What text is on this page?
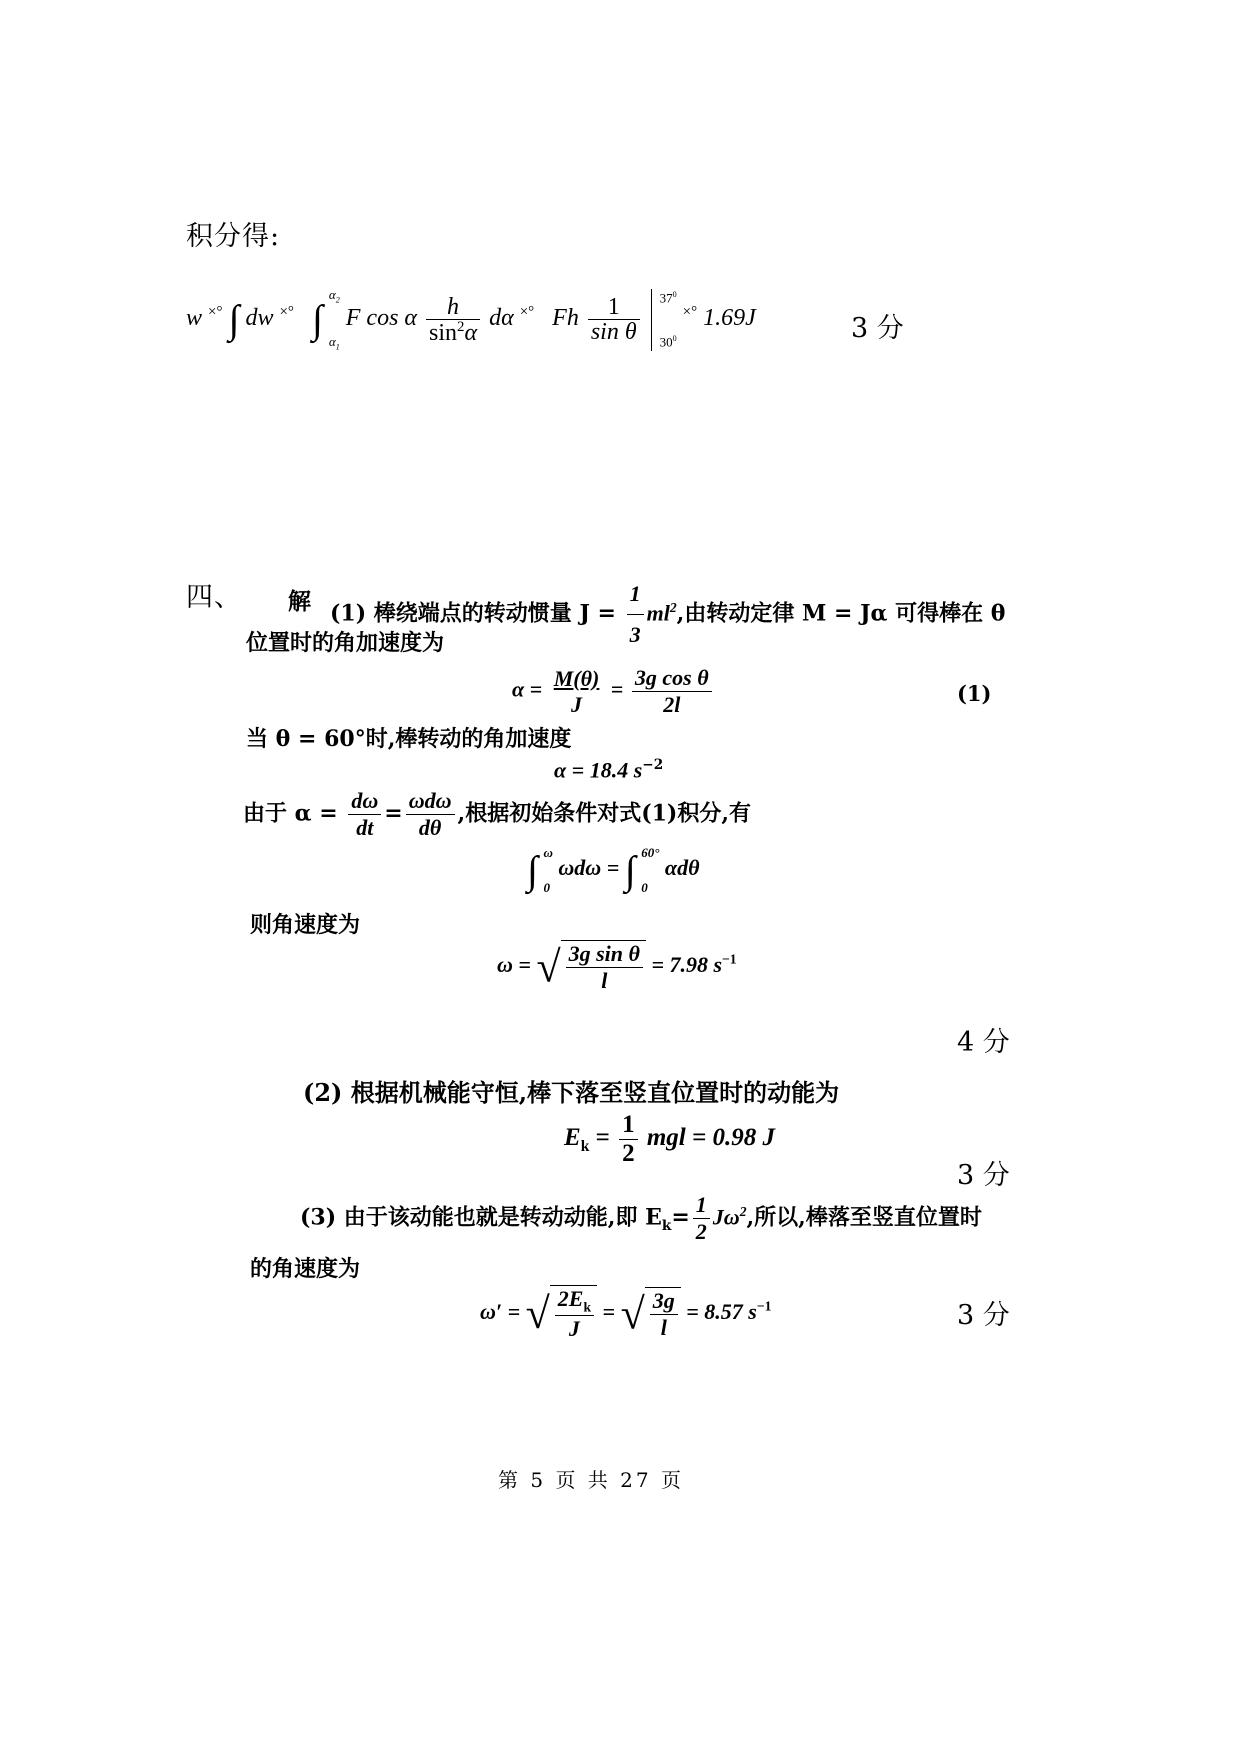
积分得:
w ×° ∫ dw ×° ∫
$\alpha_2$
$\alpha_1$
F cos α $\frac{h}{\sin^2\alpha}$ dα ×° Fh $\frac{1}{\text{sin θ}}$
$37^0$
$30^0$
×° 1.69J	3 分
四、 解 (1) 棒绕端点的转动惯量 $J = \frac{1}{3} ml^2$,由转动定律 M = Jα 可得棒在 θ
位置时的角加速度为
$\alpha = \frac{M(\theta)}{J} = \frac{\text{3g cos θ}}{2l}$	(1)
当 θ = 60°时,棒转动的角加速度
α = 18.4 $s^{-2}$
由于 $\alpha = \frac{d\omega}{dt} = \frac{\text{ωdω}}{d\theta}$ ,根据初始条件对式(1)积分,有
∫ ω
0
ωdω = ∫ 60°
0
αdθ
则角速度为
ω = √ $\frac{\text{3g sin θ}}{l} = 7.98$ $s^{-1}$
4 分
(2) 根据机械能守恒,棒下落至竖直位置时的动能为
$E_k = \frac{1}{2}$ mgl = 0.98 J
3 分
(3) 由于该动能也就是转动动能,即 $E_k= \frac{1}{2} J\omega^2$,所以,棒落至竖直位置时
的角速度为
ω′ = √ $\frac{2E_k}{J}$ = √ $\frac{3g}{l} = 8.57$ $s^{-1}$	3 分
第 5 页 共 27 页
